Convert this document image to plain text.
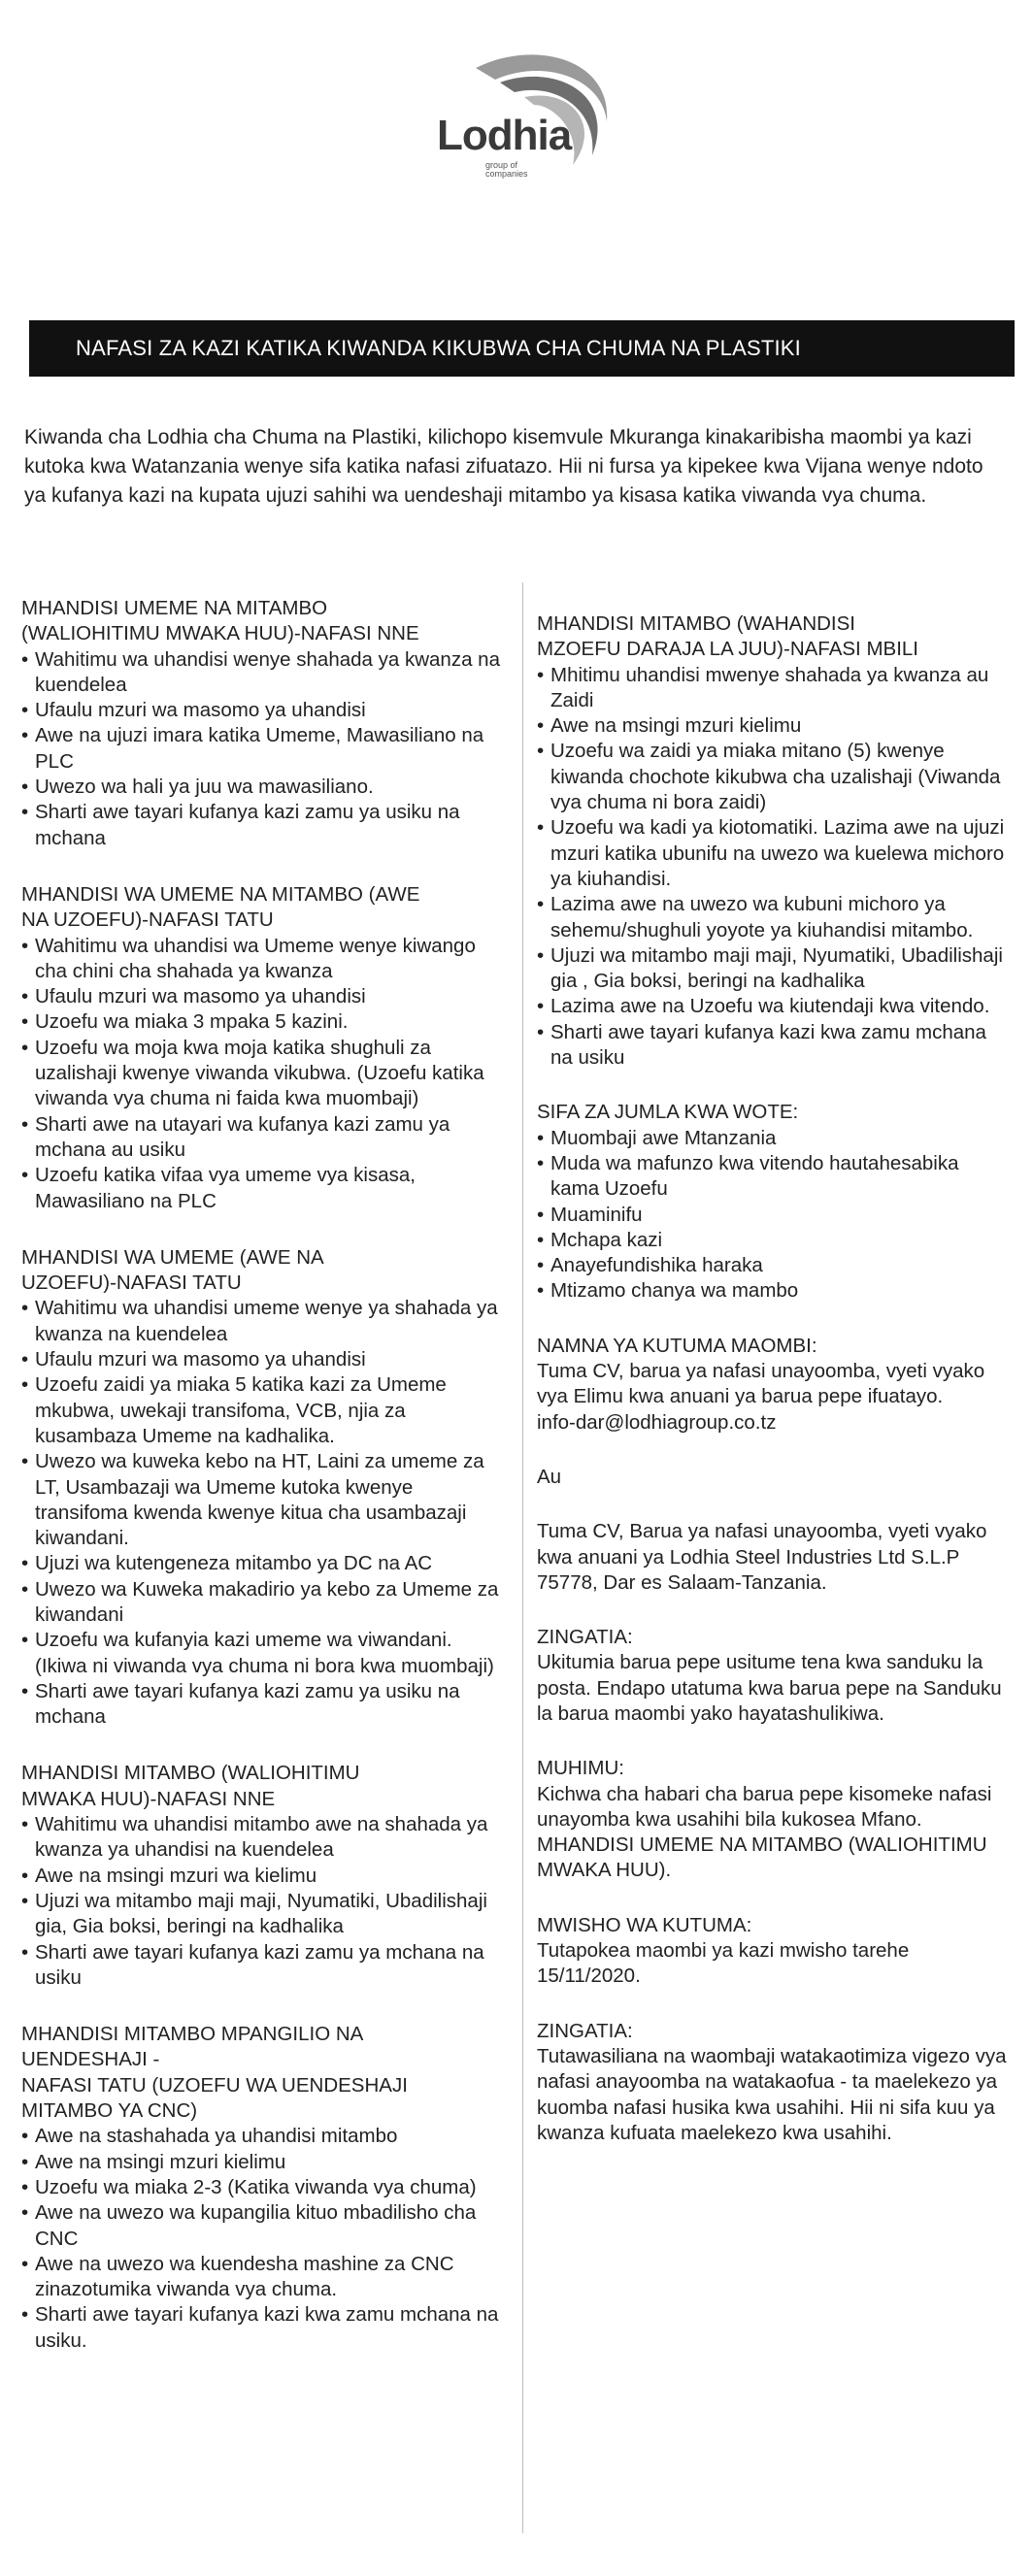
Lodhia
group of companies
NAFASI ZA KAZI KATIKA KIWANDA KIKUBWA CHA CHUMA NA PLASTIKI
Kiwanda cha Lodhia cha Chuma na Plastiki, kilichopo kisemvule Mkuranga kinakaribisha maombi ya kazi kutoka kwa Watanzania wenye sifa katika nafasi zifuatazo. Hii ni fursa ya kipekee kwa Vijana wenye ndoto ya kufanya kazi na kupata ujuzi sahihi wa uendeshaji mitambo ya kisasa katika viwanda vya chuma.
MHANDISI UMEME NA MITAMBO
(WALIOHITIMU MWAKA HUU)-NAFASI NNE
• Wahitimu wa uhandisi wenye shahada ya kwanza na kuendelea
• Ufaulu mzuri wa masomo ya uhandisi
• Awe na ujuzi imara katika Umeme, Mawasiliano na PLC
• Uwezo wa hali ya juu wa mawasiliano.
• Sharti awe tayari kufanya kazi zamu ya usiku na mchana
MHANDISI WA UMEME NA MITAMBO (AWE
NA UZOEFU)-NAFASI TATU
• Wahitimu wa uhandisi wa Umeme wenye kiwango cha chini cha shahada ya kwanza
• Ufaulu mzuri wa masomo ya uhandisi
• Uzoefu wa miaka 3 mpaka 5 kazini.
• Uzoefu wa moja kwa moja katika shughuli za uzalishaji kwenye viwanda vikubwa. (Uzoefu katika viwanda vya chuma ni faida kwa muombaji)
• Sharti awe na utayari wa kufanya kazi zamu ya mchana au usiku
• Uzoefu katika vifaa vya umeme vya kisasa, Mawasiliano na PLC
MHANDISI WA UMEME (AWE NA
UZOEFU)-NAFASI TATU
• Wahitimu wa uhandisi umeme wenye ya shahada ya kwanza na kuendelea
• Ufaulu mzuri wa masomo ya uhandisi
• Uzoefu zaidi ya miaka 5 katika kazi za Umeme mkubwa, uwekaji transifoma, VCB, njia za kusambaza Umeme na kadhalika.
• Uwezo wa kuweka kebo na HT, Laini za umeme za LT, Usambazaji wa Umeme kutoka kwenye transifoma kwenda kwenye kitua cha usambazaji kiwandani.
• Ujuzi wa kutengeneza mitambo ya DC na AC
• Uwezo wa Kuweka makadirio ya kebo za Umeme za kiwandani
• Uzoefu wa kufanyia kazi umeme wa viwandani. (Ikiwa ni viwanda vya chuma ni bora kwa muombaji)
• Sharti awe tayari kufanya kazi zamu ya usiku na mchana
MHANDISI MITAMBO (WALIOHITIMU
MWAKA HUU)-NAFASI NNE
• Wahitimu wa uhandisi mitambo awe na shahada ya kwanza ya uhandisi na kuendelea
• Awe na msingi mzuri wa kielimu
• Ujuzi wa mitambo maji maji, Nyumatiki, Ubadilishaji gia, Gia boksi, beringi na kadhalika
• Sharti awe tayari kufanya kazi zamu ya mchana na usiku
MHANDISI MITAMBO MPANGILIO NA
UENDESHAJI -
NAFASI TATU (UZOEFU WA UENDESHAJI
MITAMBO YA CNC)
• Awe na stashahada ya uhandisi mitambo
• Awe na msingi mzuri kielimu
• Uzoefu wa miaka 2-3 (Katika viwanda vya chuma)
• Awe na uwezo wa kupangilia kituo mbadilisho cha CNC
• Awe na uwezo wa kuendesha mashine za CNC zinazotumika viwanda vya chuma.
• Sharti awe tayari kufanya kazi kwa zamu mchana na usiku.
MHANDISI MITAMBO (WAHANDISI
MZOEFU DARAJA LA JUU)-NAFASI MBILI
• Mhitimu uhandisi mwenye shahada ya kwanza au Zaidi
• Awe na msingi mzuri kielimu
• Uzoefu wa zaidi ya miaka mitano (5) kwenye kiwanda chochote kikubwa cha uzalishaji (Viwanda vya chuma ni bora zaidi)
• Uzoefu wa kadi ya kiotomatiki. Lazima awe na ujuzi mzuri katika ubunifu na uwezo wa kuelewa michoro ya kiuhandisi.
• Lazima awe na uwezo wa kubuni michoro ya sehemu/shughuli yoyote ya kiuhandisi mitambo.
• Ujuzi wa mitambo maji maji, Nyumatiki, Ubadilishaji gia , Gia boksi, beringi na kadhalika
• Lazima awe na Uzoefu wa kiutendaji kwa vitendo.
• Sharti awe tayari kufanya kazi kwa zamu mchana na usiku
SIFA ZA JUMLA KWA WOTE:
• Muombaji awe Mtanzania
• Muda wa mafunzo kwa vitendo hautahesabika kama Uzoefu
• Muaminifu
• Mchapa kazi
• Anayefundishika haraka
• Mtizamo chanya wa mambo
NAMNA YA KUTUMA MAOMBI:
Tuma CV, barua ya nafasi unayoomba, vyeti vyako vya Elimu kwa anuani ya barua pepe ifuatayo.
info-dar@lodhiagroup.co.tz
Au
Tuma CV, Barua ya nafasi unayoomba, vyeti vyako kwa anuani ya Lodhia Steel Industries Ltd S.L.P 75778, Dar es Salaam-Tanzania.
ZINGATIA:
Ukitumia barua pepe usitume tena kwa sanduku la posta. Endapo utatuma kwa barua pepe na Sanduku la barua maombi yako hayatashulikiwa.
MUHIMU:
Kichwa cha habari cha barua pepe kisomeke nafasi unayomba kwa usahihi bila kukosea Mfano. MHANDISI UMEME NA MITAMBO (WALIOHITIMU MWAKA HUU).
MWISHO WA KUTUMA:
Tutapokea maombi ya kazi mwisho tarehe 15/11/2020.
ZINGATIA:
Tutawasiliana na waombaji watakaotimiza vigezo vya nafasi anayoomba na watakaofua - ta maelekezo ya kuomba nafasi husika kwa usahihi. Hii ni sifa kuu ya kwanza kufuata maelekezo kwa usahihi.
